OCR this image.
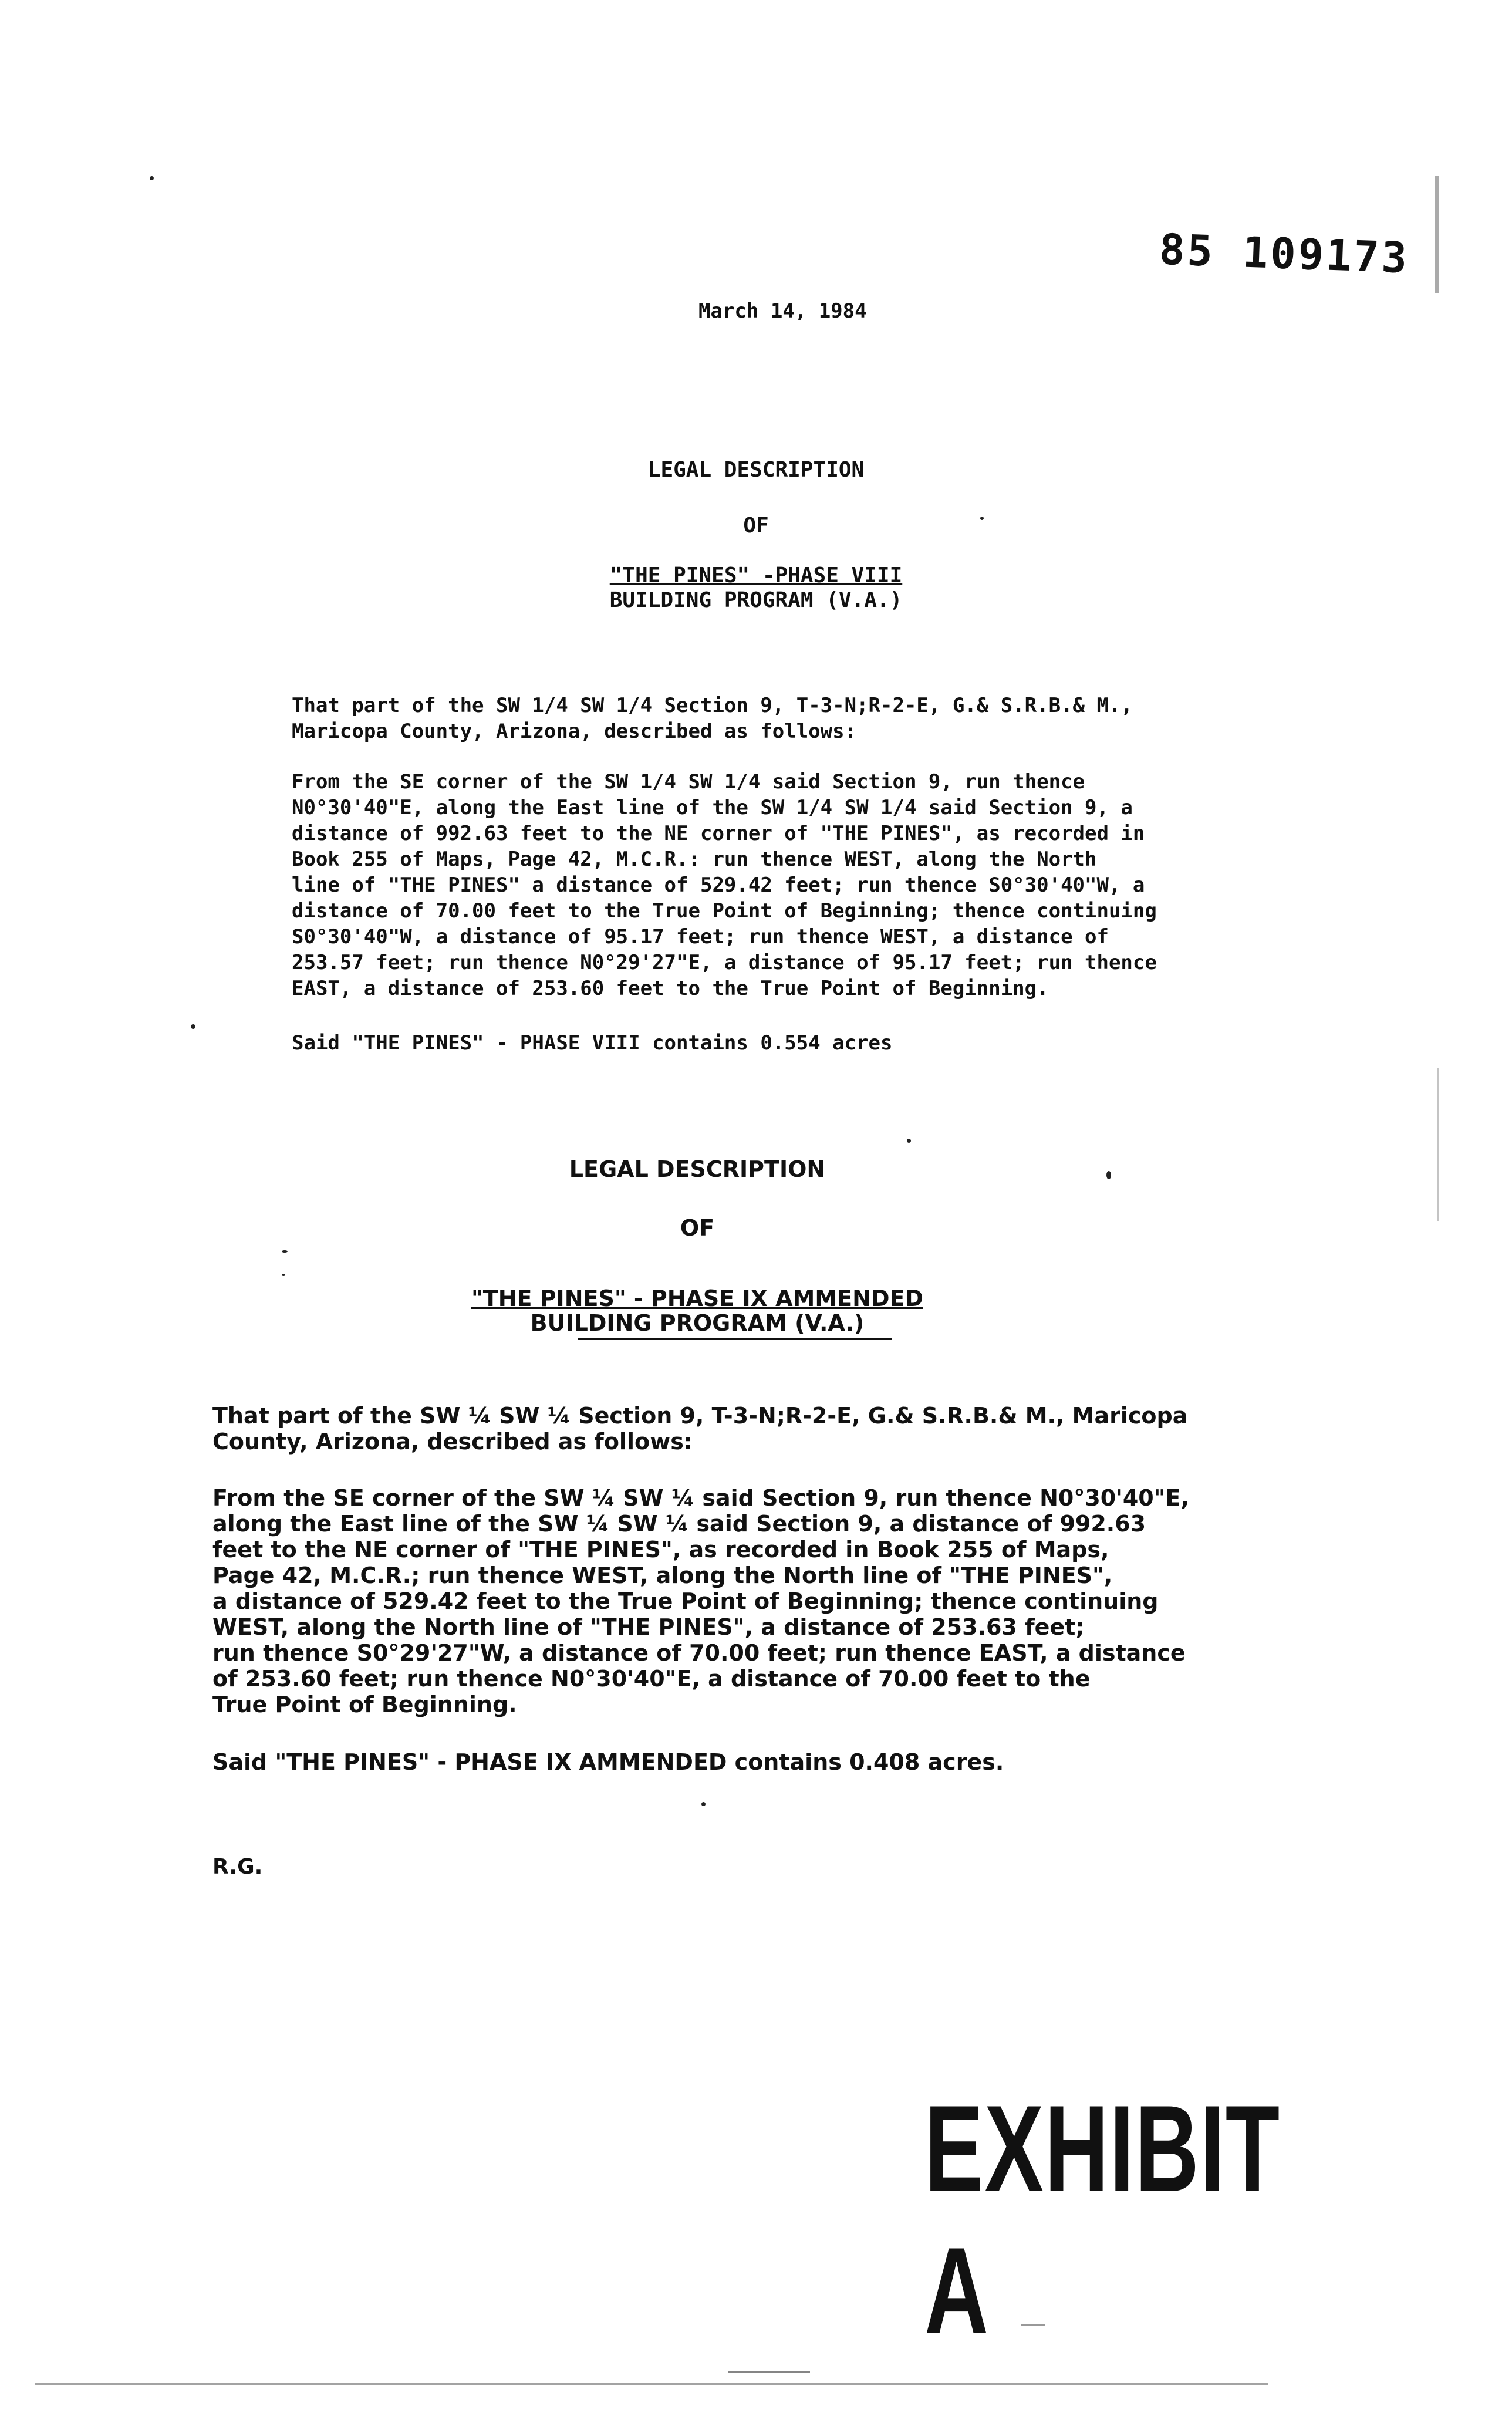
85 109173
March 14, 1984
LEGAL DESCRIPTION
OF
"THE PINES" -PHASE VIII
BUILDING PROGRAM (V.A.)
That part of the SW 1/4 SW 1/4 Section 9, T-3-N;R-2-E, G.& S.R.B.& M.,
Maricopa County, Arizona, described as follows:
From the SE corner of the SW 1/4 SW 1/4 said Section 9, run thence
N0°30'40"E, along the East line of the SW 1/4 SW 1/4 said Section 9, a
distance of 992.63 feet to the NE corner of "THE PINES", as recorded in
Book 255 of Maps, Page 42, M.C.R.: run thence WEST, along the North
line of "THE PINES" a distance of 529.42 feet; run thence S0°30'40"W, a
distance of 70.00 feet to the True Point of Beginning; thence continuing
S0°30'40"W, a distance of 95.17 feet; run thence WEST, a distance of
253.57 feet; run thence N0°29'27"E, a distance of 95.17 feet; run thence
EAST, a distance of 253.60 feet to the True Point of Beginning.
Said "THE PINES" - PHASE VIII contains 0.554 acres
LEGAL DESCRIPTION
OF
"THE PINES" - PHASE IX AMMENDED
BUILDING PROGRAM (V.A.)
That part of the SW ¼ SW ¼ Section 9, T-3-N;R-2-E, G.& S.R.B.& M., Maricopa
County, Arizona, described as follows:
From the SE corner of the SW ¼ SW ¼ said Section 9, run thence N0°30'40"E,
along the East line of the SW ¼ SW ¼ said Section 9, a distance of 992.63
feet to the NE corner of "THE PINES", as recorded in Book 255 of Maps,
Page 42, M.C.R.; run thence WEST, along the North line of "THE PINES",
a distance of 529.42 feet to the True Point of Beginning; thence continuing
WEST, along the North line of "THE PINES", a distance of 253.63 feet;
run thence S0°29'27"W, a distance of 70.00 feet; run thence EAST, a distance
of 253.60 feet; run thence N0°30'40"E, a distance of 70.00 feet to the
True Point of Beginning.
Said "THE PINES" - PHASE IX AMMENDED contains 0.408 acres.
R.G.
EXHIBIT A
